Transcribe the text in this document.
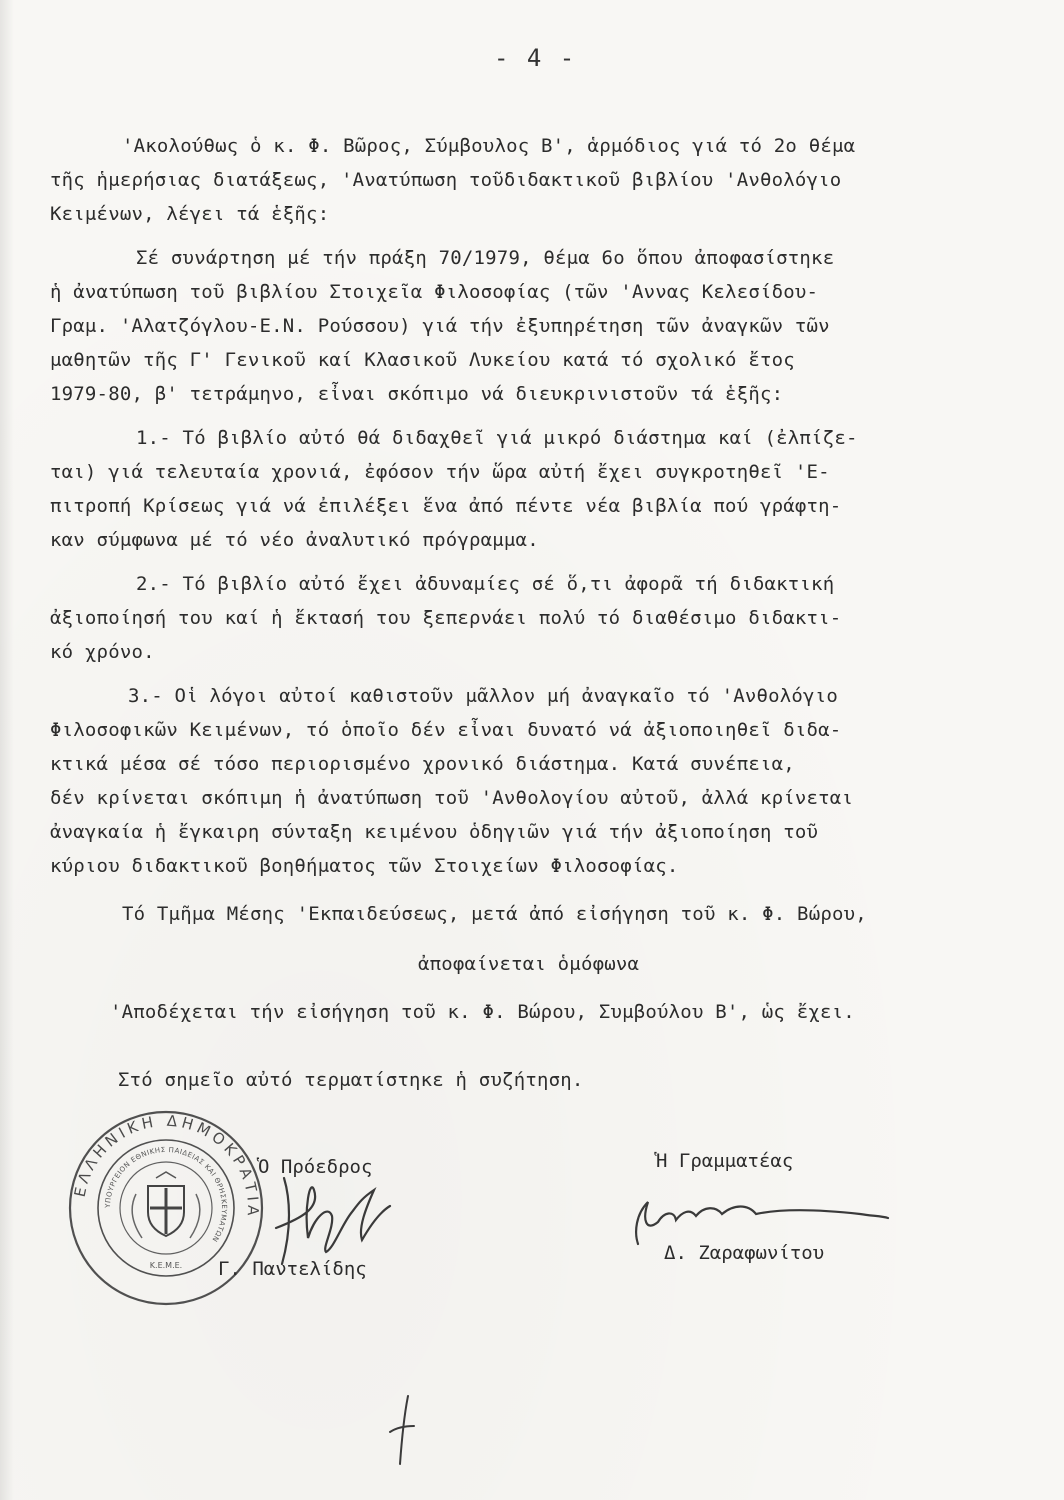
- 4 -
'Ακολούθως ὁ κ. Φ. Βῶρος, Σύμβουλος Β', ἁρμόδιος γιά τό 2ο θέμα
τῆς ἡμερήσιας διατάξεως, 'Ανατύπωση τοῦδιδακτικοῦ βιβλίου 'Ανθολόγιο
Κειμένων, λέγει τά ἑξῆς:
Σέ συνάρτηση μέ τήν πράξη 70/1979, θέμα 6ο ὅπου ἀποφασίστηκε
ἡ ἀνατύπωση τοῦ βιβλίου Στοιχεῖα Φιλοσοφίας (τῶν 'Αννας Κελεσίδου-
Γραμ. 'Αλατζόγλου-Ε.Ν. Ρούσσου) γιά τήν ἐξυπηρέτηση τῶν ἀναγκῶν τῶν
μαθητῶν τῆς Γ' Γενικοῦ καί Κλασικοῦ Λυκείου κατά τό σχολικό ἔτος
1979-80, β' τετράμηνο, εἶναι σκόπιμο νά διευκρινιστοῦν τά ἑξῆς:
1.- Τό βιβλίο αὐτό θά διδαχθεῖ γιά μικρό διάστημα καί (ἐλπίζε-
ται) γιά τελευταία χρονιά, ἐφόσον τήν ὥρα αὐτή ἔχει συγκροτηθεῖ 'Ε-
πιτροπή Κρίσεως γιά νά ἐπιλέξει ἕνα ἀπό πέντε νέα βιβλία πού γράφτη-
καν σύμφωνα μέ τό νέο ἀναλυτικό πρόγραμμα.
2.- Τό βιβλίο αὐτό ἔχει ἀδυναμίες σέ ὅ,τι ἀφορᾶ τή διδακτική
ἀξιοποίησή του καί ἡ ἔκτασή του ξεπερνάει πολύ τό διαθέσιμο διδακτι-
κό χρόνο.
3.- Οἱ λόγοι αὐτοί καθιστοῦν μᾶλλον μή ἀναγκαῖο τό 'Ανθολόγιο
Φιλοσοφικῶν Κειμένων, τό ὁποῖο δέν εἶναι δυνατό νά ἀξιοποιηθεῖ διδα-
κτικά μέσα σέ τόσο περιορισμένο χρονικό διάστημα. Κατά συνέπεια,
δέν κρίνεται σκόπιμη ἡ ἀνατύπωση τοῦ 'Ανθολογίου αὐτοῦ, ἀλλά κρίνεται
ἀναγκαία ἡ ἔγκαιρη σύνταξη κειμένου ὁδηγιῶν γιά τήν ἀξιοποίηση τοῦ
κύριου διδακτικοῦ βοηθήματος τῶν Στοιχείων Φιλοσοφίας.
Τό Τμῆμα Μέσης 'Εκπαιδεύσεως, μετά ἀπό εἰσήγηση τοῦ κ. Φ. Βώρου,
ἀποφαίνεται ὁμόφωνα
'Αποδέχεται τήν εἰσήγηση τοῦ κ. Φ. Βώρου, Συμβούλου Β', ὡς ἔχει.
Στό σημεῖο αὐτό τερματίστηκε ἡ συζήτηση.
ΕΛΛΗΝΙΚΗ ΔΗΜΟΚΡΑΤΙΑ
ΥΠΟΥΡΓΕΙΟΝ ΕΘΝΙΚΗΣ ΠΑΙΔΕΙΑΣ ΚΑΙ ΘΡΗΣΚΕΥΜΑΤΩΝ
Κ.Ε.Μ.Ε.
Ὁ Πρόεδρος
Γ. Παντελίδης
Ἡ Γραμματέας
Δ. Ζαραφωνίτου
